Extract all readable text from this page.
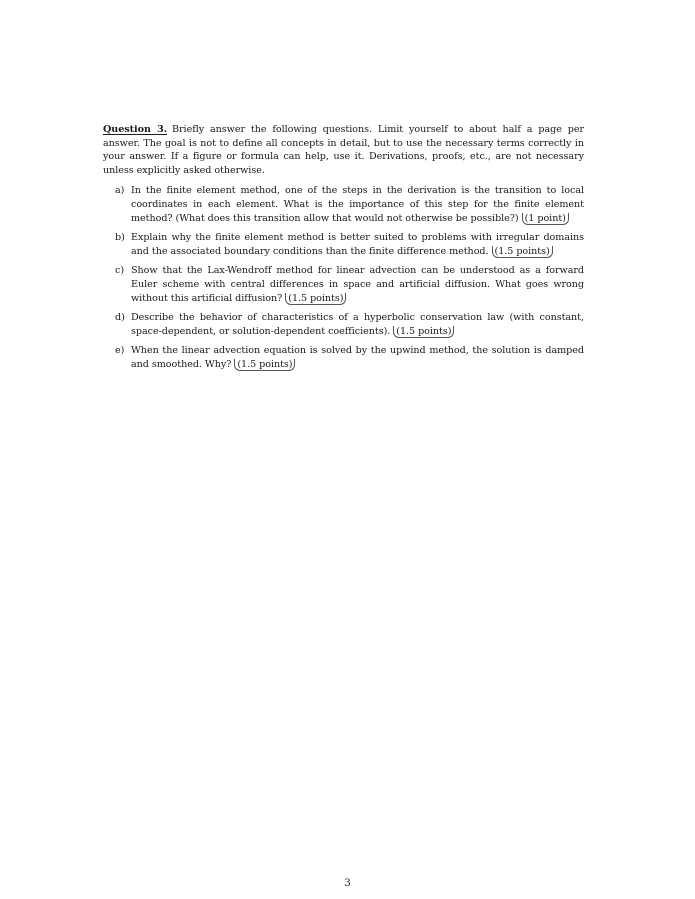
Question 3. Briefly answer the following questions. Limit yourself to about half a page per answer. The goal is not to define all concepts in detail, but to use the necessary terms correctly in your answer. If a figure or formula can help, use it. Derivations, proofs, etc., are not necessary unless explicitly asked otherwise.

a) In the finite element method, one of the steps in the derivation is the transition to local coordinates in each element. What is the importance of this step for the finite element method? (What does this transition allow that would not otherwise be possible?) (1 point)
b) Explain why the finite element method is better suited to problems with irregular domains and the associated boundary conditions than the finite difference method. (1.5 points)
c) Show that the Lax-Wendroff method for linear advection can be understood as a forward Euler scheme with central differences in space and artificial diffusion. What goes wrong without this artificial diffusion? (1.5 points)
d) Describe the behavior of characteristics of a hyperbolic conservation law (with constant, space-dependent, or solution-dependent coefficients). (1.5 points)
e) When the linear advection equation is solved by the upwind method, the solution is damped and smoothed. Why? (1.5 points)
3
